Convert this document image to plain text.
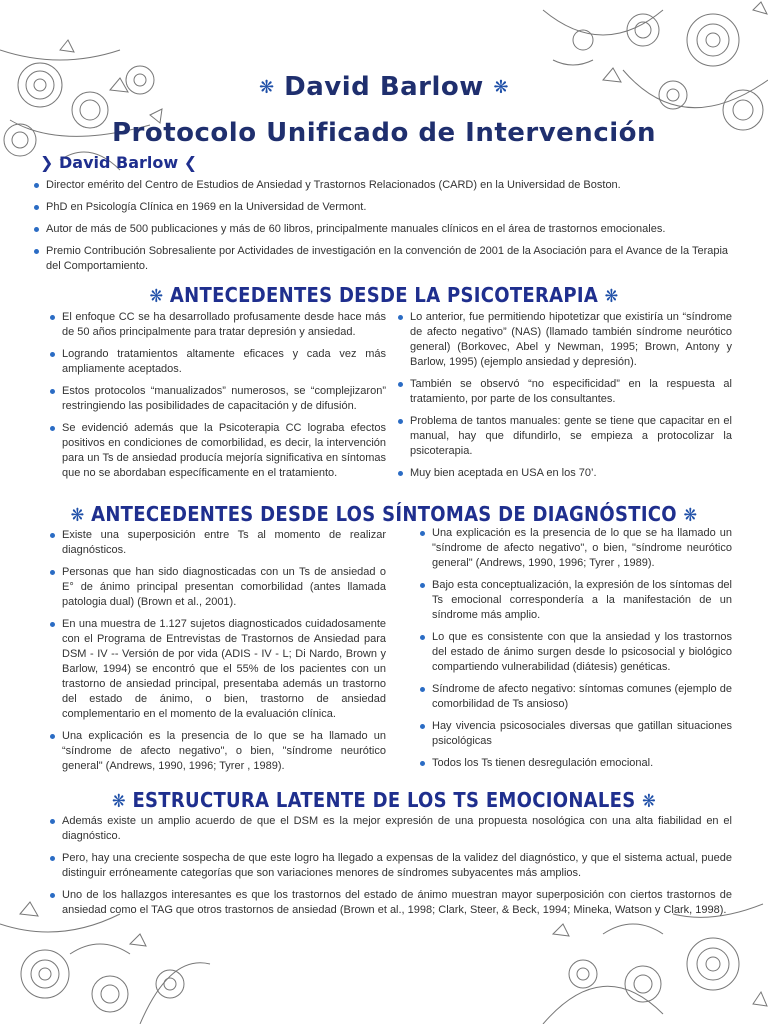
❋ David Barlow ❋
Protocolo Unificado de Intervención
❯ David Barlow ❮
Director emérito del Centro de Estudios de Ansiedad y Trastornos Relacionados (CARD) en la Universidad de Boston.
PhD en Psicología Clínica en 1969 en la Universidad de Vermont.
Autor de más de 500 publicaciones y más de 60 libros, principalmente manuales clínicos en el área de trastornos emocionales.
Premio Contribución Sobresaliente por Actividades de investigación en la convención de 2001 de la Asociación para el Avance de la Terapia del Comportamiento.
❋ ANTECEDENTES DESDE LA PSICOTERAPIA ❋
El enfoque CC se ha desarrollado profusamente desde hace más de 50 años principalmente para tratar depresión y ansiedad.
Logrando tratamientos altamente eficaces y cada vez más ampliamente aceptados.
Estos protocolos “manualizados” numerosos, se “complejizaron” restringiendo las posibilidades de capacitación y de difusión.
Se evidenció además que la Psicoterapia CC lograba efectos positivos en condiciones de comorbilidad, es decir, la intervención para un Ts de ansiedad producía mejoría significativa en síntomas que no se abordaban específicamente en el tratamiento.
Lo anterior, fue permitiendo hipotetizar que existiría un “síndrome de afecto negativo” (NAS) (llamado también síndrome neurótico general) (Borkovec, Abel y Newman, 1995; Brown, Antony y Barlow, 1995) (ejemplo ansiedad y depresión).
También se observó “no especificidad” en la respuesta al tratamiento, por parte de los consultantes.
Problema de tantos manuales: gente se tiene que capacitar en el manual, hay que difundirlo, se empieza a protocolizar la psicoterapia.
Muy bien aceptada en USA en los 70’.
❋ ANTECEDENTES DESDE LOS SÍNTOMAS DE DIAGNÓSTICO ❋
Existe una superposición entre Ts al momento de realizar diagnósticos.
Personas que han sido diagnosticadas con un Ts de ansiedad o E° de ánimo principal presentan comorbilidad (antes llamada patologia dual) (Brown et al., 2001).
En una muestra de 1.127 sujetos diagnosticados cuidadosamente con el Programa de Entrevistas de Trastornos de Ansiedad para DSM - IV -- Versión de por vida (ADIS - IV - L; Di Nardo, Brown y Barlow, 1994) se encontró que el 55% de los pacientes con un trastorno de ansiedad principal, presentaba además un trastorno del estado de ánimo, o bien, trastorno de ansiedad complementario en el momento de la evaluación clínica.
Una explicación es la presencia de lo que se ha llamado un “síndrome de afecto negativo", o bien, "síndrome neurótico general" (Andrews, 1990, 1996; Tyrer , 1989).
Una explicación es la presencia de lo que se ha llamado un "síndrome de afecto negativo", o bien, "síndrome neurótico general" (Andrews, 1990, 1996; Tyrer , 1989).
Bajo esta conceptualización, la expresión de los síntomas del Ts emocional correspondería a la manifestación de un síndrome más amplio.
Lo que es consistente con que la ansiedad y los trastornos del estado de ánimo surgen desde lo psicosocial y biológico compartiendo vulnerabilidad (diátesis) genéticas.
Síndrome de afecto negativo: síntomas comunes (ejemplo de comorbilidad de Ts ansioso)
Hay vivencia psicosociales diversas que gatillan situaciones psicológicas
Todos los Ts tienen desregulación emocional.
❋ ESTRUCTURA LATENTE DE LOS TS EMOCIONALES ❋
Además existe un amplio acuerdo de que el DSM es la mejor expresión de una propuesta nosológica con una alta fiabilidad en el diagnóstico.
Pero, hay una creciente sospecha de que este logro ha llegado a expensas de la validez del diagnóstico, y que el sistema actual, puede distinguir erróneamente categorías que son variaciones menores de síndromes subyacentes más amplios.
Uno de los hallazgos interesantes es que los trastornos del estado de ánimo muestran mayor superposición con ciertos trastornos de ansiedad como el TAG que otros trastornos de ansiedad (Brown et al., 1998; Clark, Steer, & Beck, 1994; Mineka, Watson y Clark, 1998).
